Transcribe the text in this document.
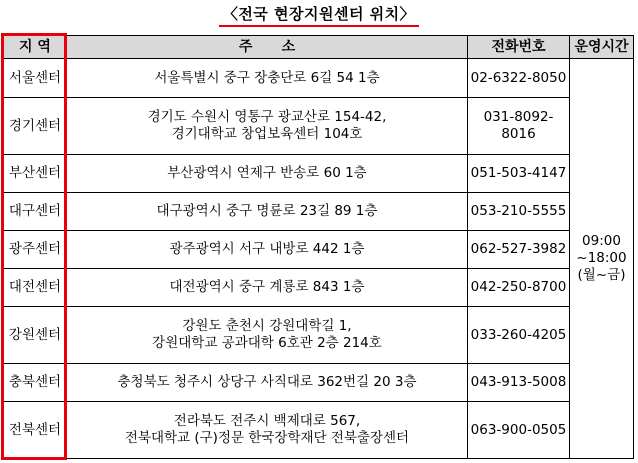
〈전국 현장지원센터 위치〉
지 역	주      소	전화번호	운영시간
서울센터	서울특별시 중구 장충단로 6길 54 1층	02-6322-8050	09:00
~18:00
(월~금)
경기센터	경기도 수원시 영통구 광교산로 154-42,
경기대학교 창업보육센터 104호	031-8092-8016	
부산센터	부산광역시 연제구 반송로 60 1층	051-503-4147	
대구센터	대구광역시 중구 명륜로 23길 89 1층	053-210-5555	
광주센터	광주광역시 서구 내방로 442 1층	062-527-3982	
대전센터	대전광역시 중구 계룡로 843 1층	042-250-8700	
강원센터	강원도 춘천시 강원대학길 1,
강원대학교 공과대학 6호관 2층 214호	033-260-4205	
충북센터	충청북도 청주시 상당구 사직대로 362번길 20 3층	043-913-5008	
전북센터	전라북도 전주시 백제대로 567,
전북대학교 (구)정문 한국장학재단 전북출장센터	063-900-0505	
